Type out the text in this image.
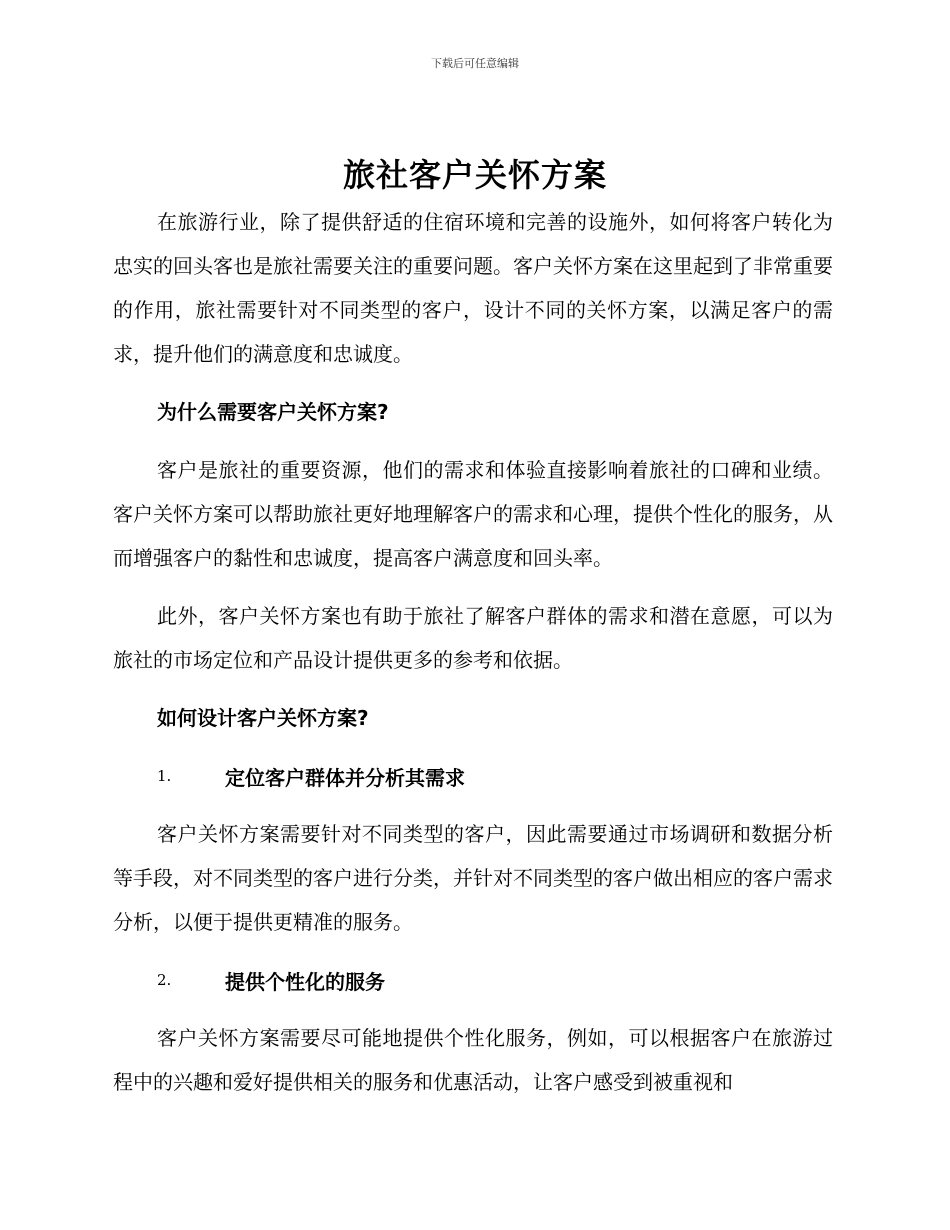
下载后可任意编辑
旅社客户关怀方案

在旅游行业，除了提供舒适的住宿环境和完善的设施外，如何将客户转化为忠实的回头客也是旅社需要关注的重要问题。客户关怀方案在这里起到了非常重要的作用，旅社需要针对不同类型的客户，设计不同的关怀方案，以满足客户的需求，提升他们的满意度和忠诚度。

为什么需要客户关怀方案?

客户是旅社的重要资源，他们的需求和体验直接影响着旅社的口碑和业绩。客户关怀方案可以帮助旅社更好地理解客户的需求和心理，提供个性化的服务，从而增强客户的黏性和忠诚度，提高客户满意度和回头率。

此外，客户关怀方案也有助于旅社了解客户群体的需求和潜在意愿，可以为旅社的市场定位和产品设计提供更多的参考和依据。

如何设计客户关怀方案?
1.	定位客户群体并分析其需求

客户关怀方案需要针对不同类型的客户，因此需要通过市场调研和数据分析等手段，对不同类型的客户进行分类，并针对不同类型的客户做出相应的客户需求分析，以便于提供更精准的服务。

2.	提供个性化的服务

客户关怀方案需要尽可能地提供个性化服务，例如，可以根据客户在旅游过程中的兴趣和爱好提供相关的服务和优惠活动，让客户感受到被重视和
